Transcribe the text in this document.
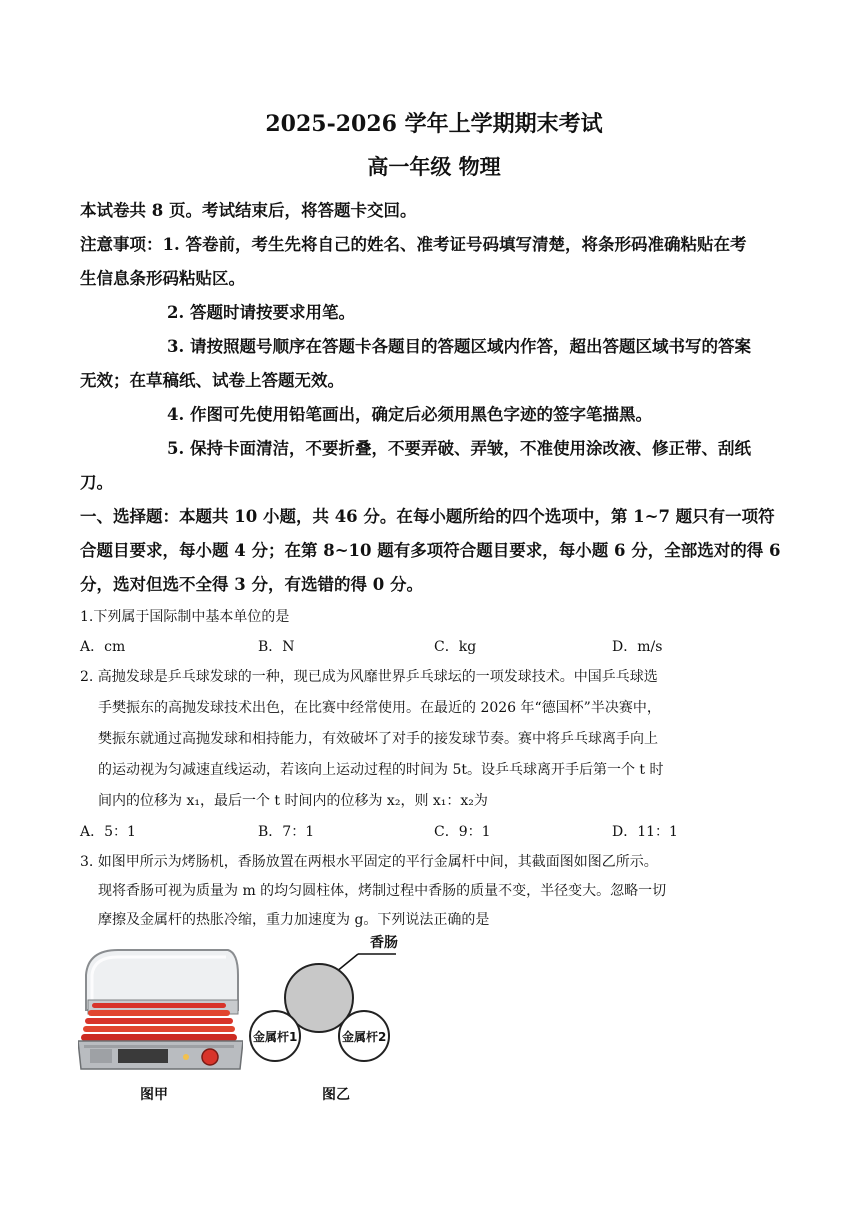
2025-2026 学年上学期期末考试
高一年级 物理
本试卷共 8 页。考试结束后，将答题卡交回。
注意事项：1. 答卷前，考生先将自己的姓名、准考证号码填写清楚，将条形码准确粘贴在考
生信息条形码粘贴区。
2. 答题时请按要求用笔。
3. 请按照题号顺序在答题卡各题目的答题区域内作答，超出答题区域书写的答案
无效；在草稿纸、试卷上答题无效。
4. 作图可先使用铅笔画出，确定后必须用黑色字迹的签字笔描黑。
5. 保持卡面清洁，不要折叠，不要弄破、弄皱，不准使用涂改液、修正带、刮纸
刀。
一、选择题：本题共 10 小题，共 46 分。在每小题所给的四个选项中，第 1~7 题只有一项符
合题目要求，每小题 4 分；在第 8~10 题有多项符合题目要求，每小题 6 分，全部选对的得 6
分，选对但选不全得 3 分，有选错的得 0 分。
1.下列属于国际制中基本单位的是
A．cm	B．N	C．kg	D．m/s
2. 高抛发球是乒乓球发球的一种，现已成为风靡世界乒乓球坛的一项发球技术。中国乒乓球选
手樊振东的高抛发球技术出色，在比赛中经常使用。在最近的 2026 年“德国杯”半决赛中，
樊振东就通过高抛发球和相持能力，有效破坏了对手的接发球节奏。赛中将乒乓球离手向上
的运动视为匀减速直线运动，若该向上运动过程的时间为 5t。设乒乓球离开手后第一个 t 时
间内的位移为 x₁，最后一个 t 时间内的位移为 x₂，则 x₁：x₂为
A．5：1	B．7：1	C．9：1	D．11：1
3. 如图甲所示为烤肠机，香肠放置在两根水平固定的平行金属杆中间，其截面图如图乙所示。
现将香肠可视为质量为 m 的均匀圆柱体，烤制过程中香肠的质量不变，半径变大。忽略一切
摩擦及金属杆的热胀冷缩，重力加速度为 g。下列说法正确的是
图甲
香肠
金属杆1	金属杆2
图乙
